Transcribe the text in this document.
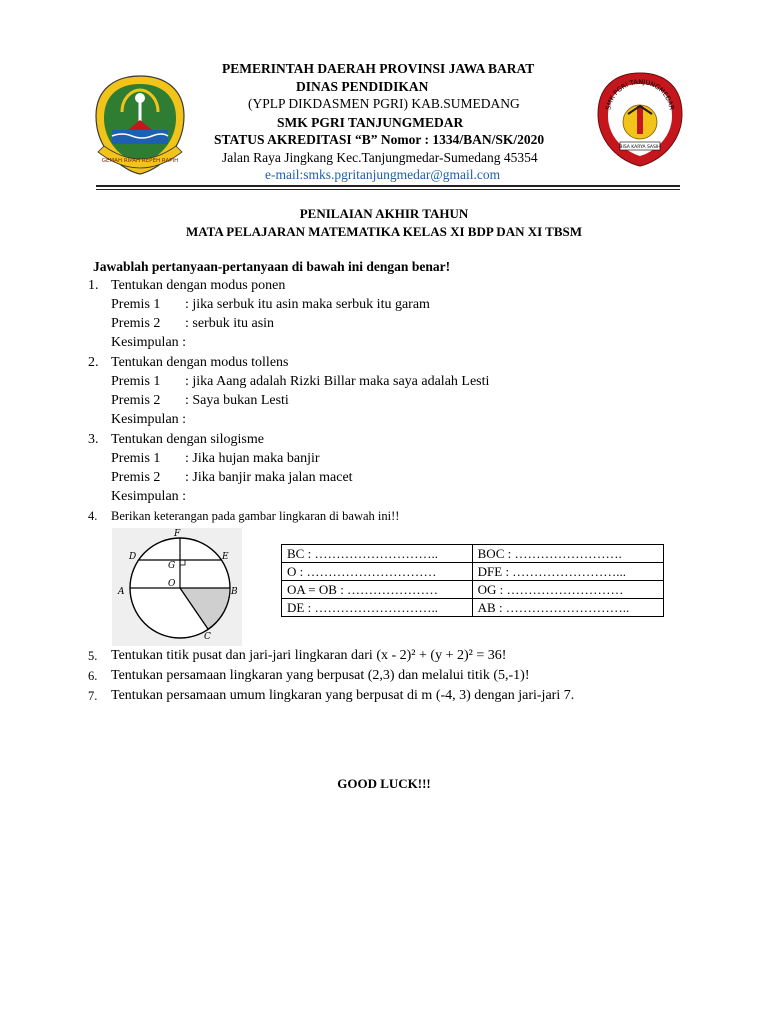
GEMAH RIPAH REPEH RAPIH
SMK PGRI TANJUNGMEDAR
BISA KARYA SASIH
PEMERINTAH DAERAH PROVINSI JAWA BARAT
DINAS PENDIDIKAN
(YPLP DIKDASMEN PGRI) KAB.SUMEDANG
SMK PGRI TANJUNGMEDAR
STATUS AKREDITASI “B” Nomor : 1334/BAN/SK/2020
Jalan Raya Jingkang Kec.Tanjungmedar-Sumedang 45354
e-mail:smks.pgritanjungmedar@gmail.com
PENILAIAN AKHIR TAHUN
MATA PELAJARAN MATEMATIKA KELAS XI BDP DAN XI TBSM
Jawablah pertanyaan-pertanyaan di bawah ini dengan benar!
1. Tentukan dengan modus ponen
Premis 1 : jika serbuk itu asin maka serbuk itu garam
Premis 2 : serbuk itu asin
Kesimpulan :
2. Tentukan dengan modus tollens
Premis 1 : jika Aang adalah Rizki Billar maka saya adalah Lesti
Premis 2 : Saya bukan Lesti
Kesimpulan :
3. Tentukan dengan silogisme
Premis 1 : Jika hujan maka banjir
Premis 2 : Jika banjir maka jalan macet
Kesimpulan :
4. Berikan keterangan pada gambar lingkaran di bawah ini!!
F
D	E
G
O
A	B
C
BC : ………………………..	BOC : …………………….
O : …………………………	DFE : ……………………...
OA = OB : …………………	OG : ………………………
DE : ………………………..	AB : ………………………..
5. Tentukan titik pusat dan jari-jari lingkaran dari (x - 2)² + (y + 2)² = 36!
6. Tentukan persamaan lingkaran yang berpusat (2,3) dan melalui titik (5,-1)!
7. Tentukan persamaan umum lingkaran yang berpusat di m (-4, 3) dengan jari-jari 7.
GOOD LUCK!!!
